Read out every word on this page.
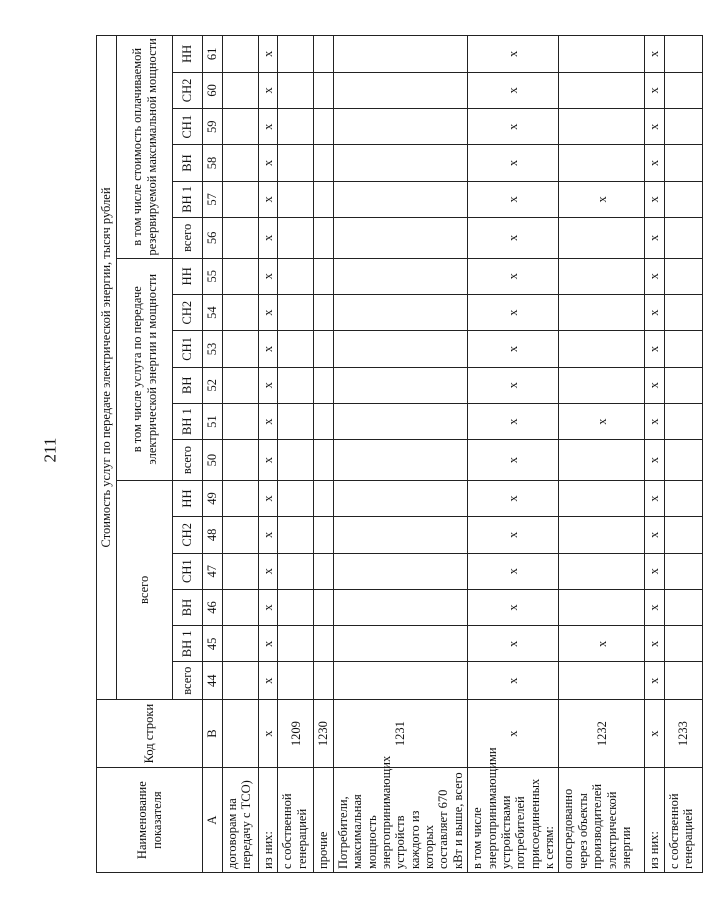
211
Наименование показателя	Код строки	Стоимость услуг по передаче электрической энергии, тысяч рублей																	
		всего						в том числе услуга по передаче электрической энергии и мощности						в том числе стоимость оплачиваемой резервируемой максимальной мощности					
		всего	ВН 1	ВН	СН1	СН2	НН	всего	ВН 1	ВН	СН1	СН2	НН	всего	ВН 1	ВН	СН1	СН2	НН
А	В	44	45	46	47	48	49	50	51	52	53	54	55	56	57	58	59	60	61
договорам на передачу с ТСО)																			
из них:	x	x	x	x	x	x	x	x	x	x	x	x	x	x	x	x	x	x	x
с собственной генерацией	1209																		
прочие	1230																		
Потребители, максимальная мощность энергопринимающих устройств каждого из которых составляет 670 кВт и выше, всего	1231																		
в том числе энергопринимающими устройствами потребителей присоединенных к сетям:	x	x	x	x	x	x	x	x	x	x	x	x	x	x	x	x	x	x	x
опосредованно через объекты производителей электрической энергии	1232		x						x						x				
из них:	x	x	x	x	x	x	x	x	x	x	x	x	x	x	x	x	x	x	x
с собственной генерацией	1233																		
